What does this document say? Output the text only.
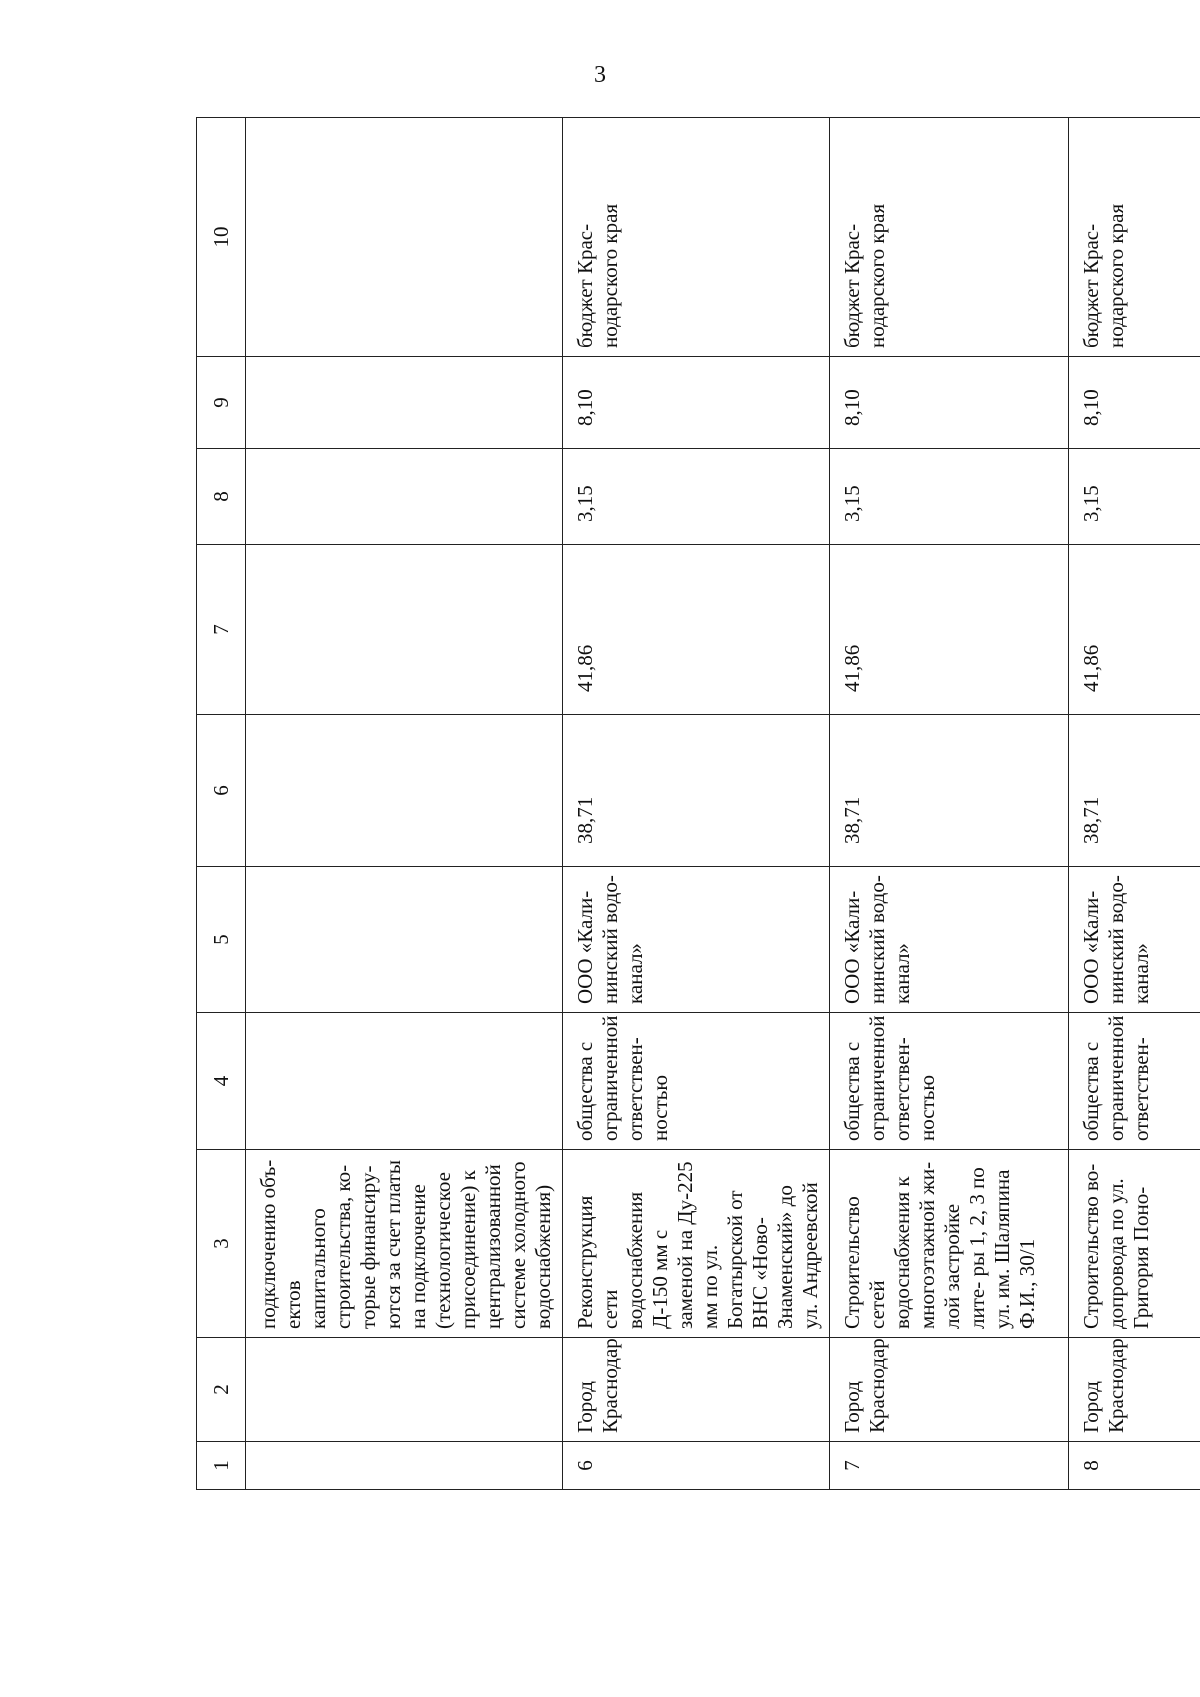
3
1	2	3	4	5	6	7	8	9	10
		подключению объ- ектов капитального строительства, ко- торые финансиру- ются за счет платы на подключение (технологическое присоединение) к централизованной системе холодного водоснабжения)							
6	Город Краснодар	Реконструкция сети водоснабжения Д-150 мм с заменой на Ду-225 мм по ул. Богатырской от ВНС «Ново- Знаменский» до ул. Андреевской	общества с ограниченной ответствен- ностью	ООО «Кали- нинский водо- канал»	38,71	41,86	3,15	8,10	бюджет Крас- нодарского края
7	Город Краснодар	Строительство сетей водоснабжения к многоэтажной жи- лой застройке лите- ры 1, 2, 3 по ул. им. Шаляпина Ф.И., 30/1	общества с ограниченной ответствен- ностью	ООО «Кали- нинский водо- канал»	38,71	41,86	3,15	8,10	бюджет Крас- нодарского края
8	Город Краснодар	Строительство во- допровода по ул. Григория Поно-	общества с ограниченной ответствен-	ООО «Кали- нинский водо- канал»	38,71	41,86	3,15	8,10	бюджет Крас- нодарского края
